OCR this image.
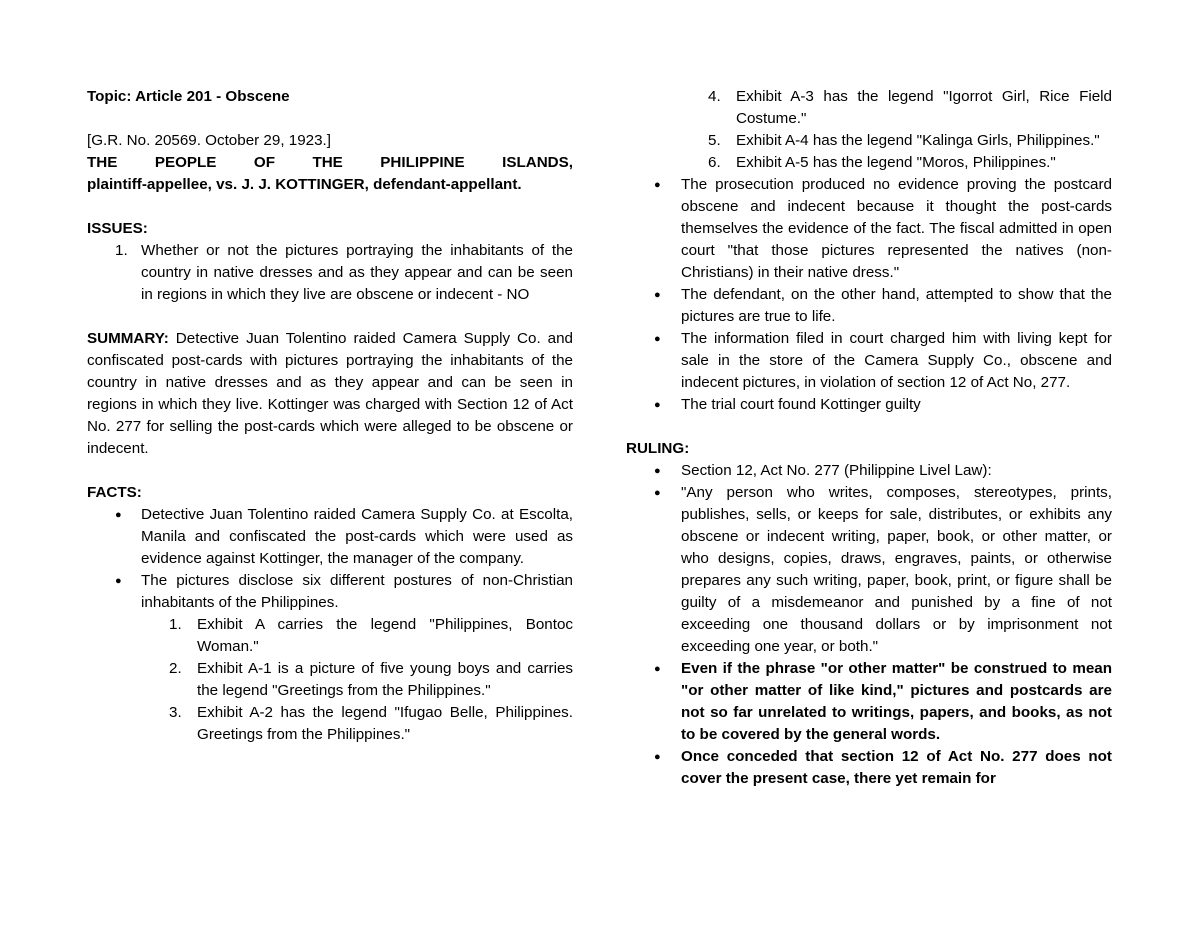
Topic: Article 201 - Obscene

[G.R. No. 20569. October 29, 1923.]

THE PEOPLE OF THE PHILIPPINE ISLANDS,

plaintiff-appellee, vs. J. J. KOTTINGER, defendant-appellant.

ISSUES:

1. Whether or not the pictures portraying the inhabitants of the country in native dresses and as they appear and can be seen in regions in which they live are obscene or indecent - NO

SUMMARY: Detective Juan Tolentino raided Camera Supply Co. and confiscated post-cards with pictures portraying the inhabitants of the country in native dresses and as they appear and can be seen in regions in which they live. Kottinger was charged with Section 12 of Act No. 277 for selling the post-cards which were alleged to be obscene or indecent.

FACTS:

●	Detective Juan Tolentino raided Camera Supply Co. at Escolta, Manila and confiscated the post-cards which were used as evidence against Kottinger, the manager of the company.
●	The pictures disclose six different postures of non-Christian inhabitants of the Philippines.
1. Exhibit A carries the legend "Philippines, Bontoc Woman."
2. Exhibit A-1 is a picture of five young boys and carries the legend "Greetings from the Philippines."
3. Exhibit A-2 has the legend "Ifugao Belle, Philippines. Greetings from the Philippines."
4. Exhibit A-3 has the legend "Igorrot Girl, Rice Field Costume."
5. Exhibit A-4 has the legend "Kalinga Girls, Philippines."
6. Exhibit A-5 has the legend "Moros, Philippines."
●	The prosecution produced no evidence proving the postcard obscene and indecent because it thought the post-cards themselves the evidence of the fact. The fiscal admitted in open court "that those pictures represented the natives (non-Christians) in their native dress."
●	The defendant, on the other hand, attempted to show that the pictures are true to life.
●	The information filed in court charged him with living kept for sale in the store of the Camera Supply Co., obscene and indecent pictures, in violation of section 12 of Act No, 277.
●	The trial court found Kottinger guilty

RULING:

●	Section 12, Act No. 277 (Philippine Livel Law):
●	"Any person who writes, composes, stereotypes, prints, publishes, sells, or keeps for sale, distributes, or exhibits any obscene or indecent writing, paper, book, or other matter, or who designs, copies, draws, engraves, paints, or otherwise prepares any such writing, paper, book, print, or figure shall be guilty of a misdemeanor and punished by a fine of not exceeding one thousand dollars or by imprisonment not exceeding one year, or both."
●	Even if the phrase "or other matter" be construed to mean "or other matter of like kind," pictures and postcards are not so far unrelated to writings, papers, and books, as not to be covered by the general words.
●	Once conceded that section 12 of Act No. 277 does not cover the present case, there yet remain for
